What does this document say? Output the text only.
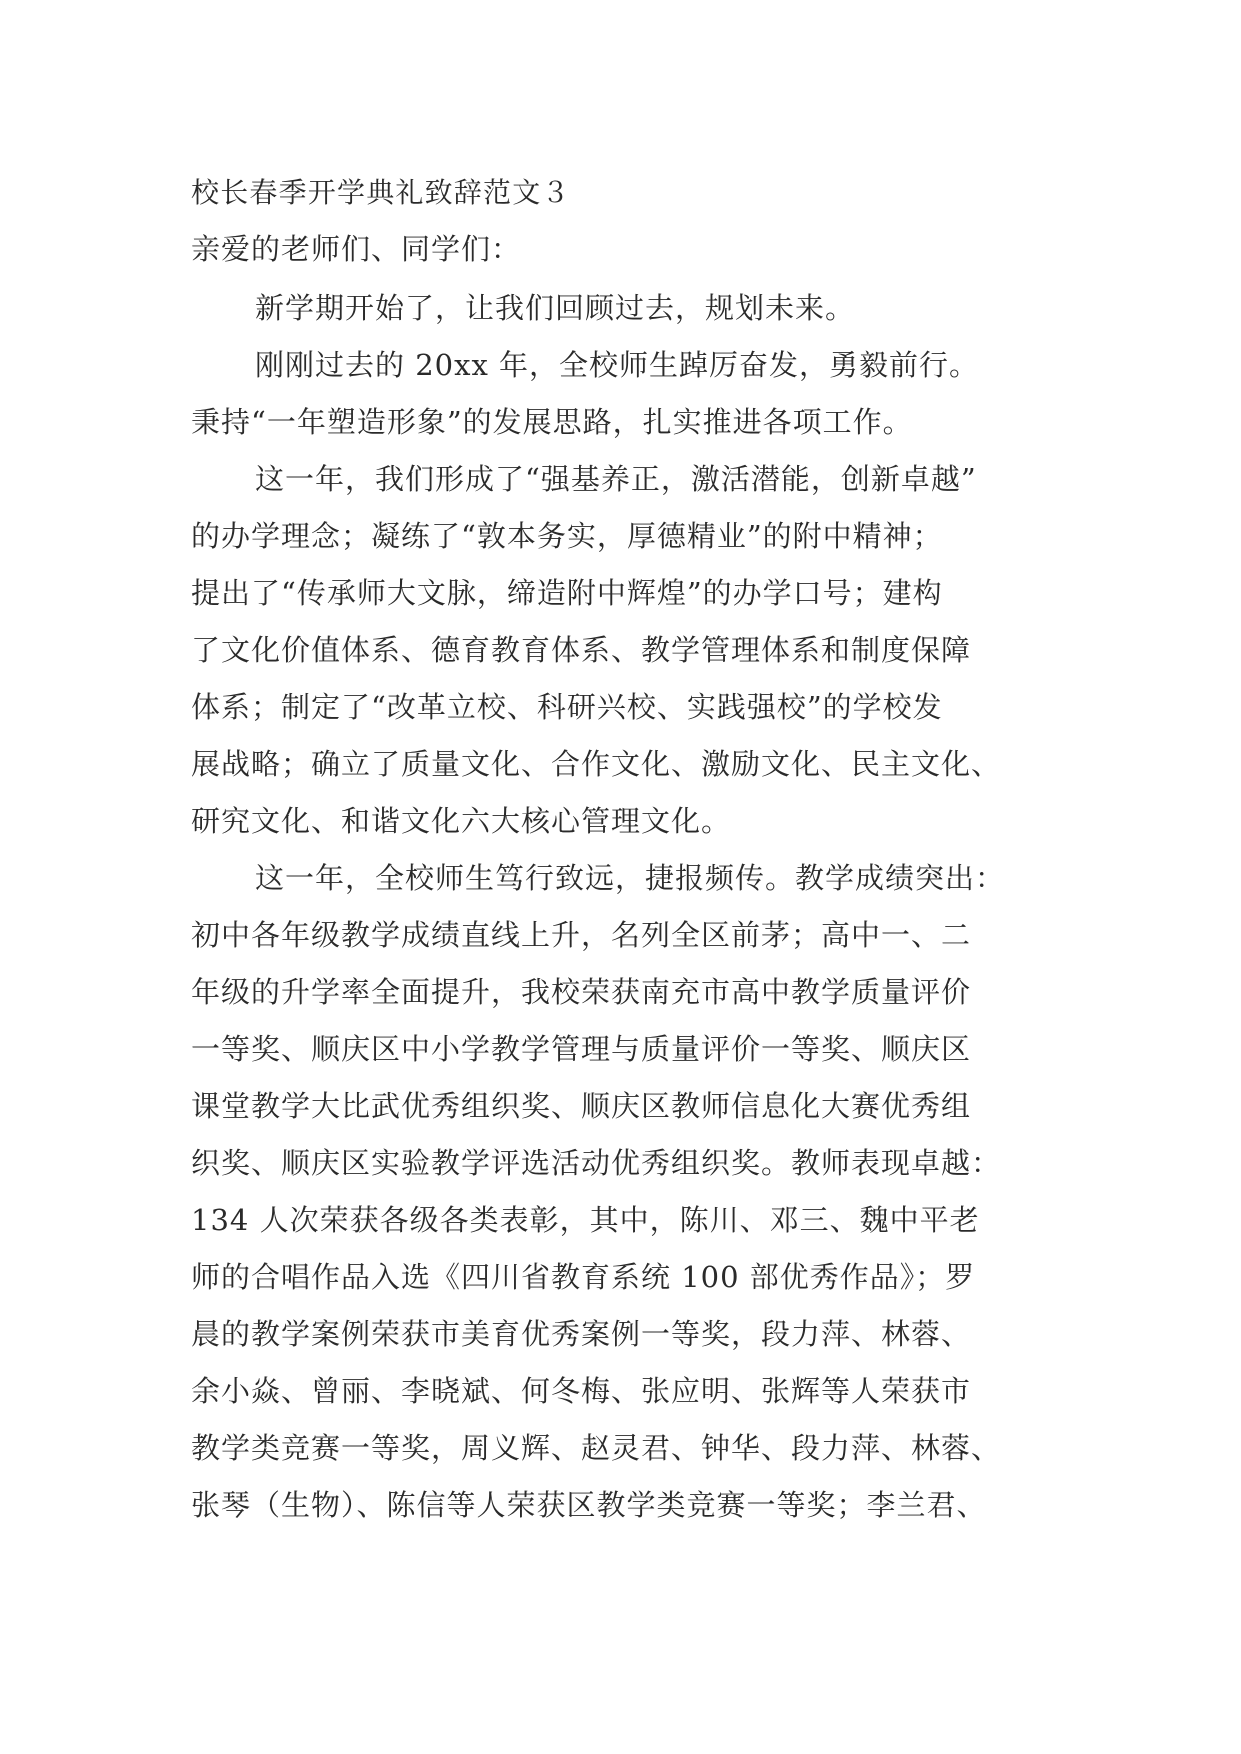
校长春季开学典礼致辞范文３
亲爱的老师们、同学们：
新学期开始了，让我们回顾过去，规划未来。
刚刚过去的 20xx 年，全校师生踔厉奋发，勇毅前行。
秉持“一年塑造形象”的发展思路，扎实推进各项工作。
这一年，我们形成了“强基养正，激活潜能，创新卓越”
的办学理念；凝练了“敦本务实，厚德精业”的附中精神；
提出了“传承师大文脉，缔造附中辉煌”的办学口号；建构
了文化价值体系、德育教育体系、教学管理体系和制度保障
体系；制定了“改革立校、科研兴校、实践强校”的学校发
展战略；确立了质量文化、合作文化、激励文化、民主文化、
研究文化、和谐文化六大核心管理文化。
这一年，全校师生笃行致远，捷报频传。教学成绩突出：
初中各年级教学成绩直线上升，名列全区前茅；高中一、二
年级的升学率全面提升，我校荣获南充市高中教学质量评价
一等奖、顺庆区中小学教学管理与质量评价一等奖、顺庆区
课堂教学大比武优秀组织奖、顺庆区教师信息化大赛优秀组
织奖、顺庆区实验教学评选活动优秀组织奖。教师表现卓越：
134 人次荣获各级各类表彰，其中，陈川、邓三、魏中平老
师的合唱作品入选《四川省教育系统 100 部优秀作品》；罗
晨的教学案例荣获市美育优秀案例一等奖，段力萍、林蓉、
余小焱、曾丽、李晓斌、何冬梅、张应明、张辉等人荣获市
教学类竞赛一等奖，周义辉、赵灵君、钟华、段力萍、林蓉、
张琴（生物）、陈信等人荣获区教学类竞赛一等奖；李兰君、
